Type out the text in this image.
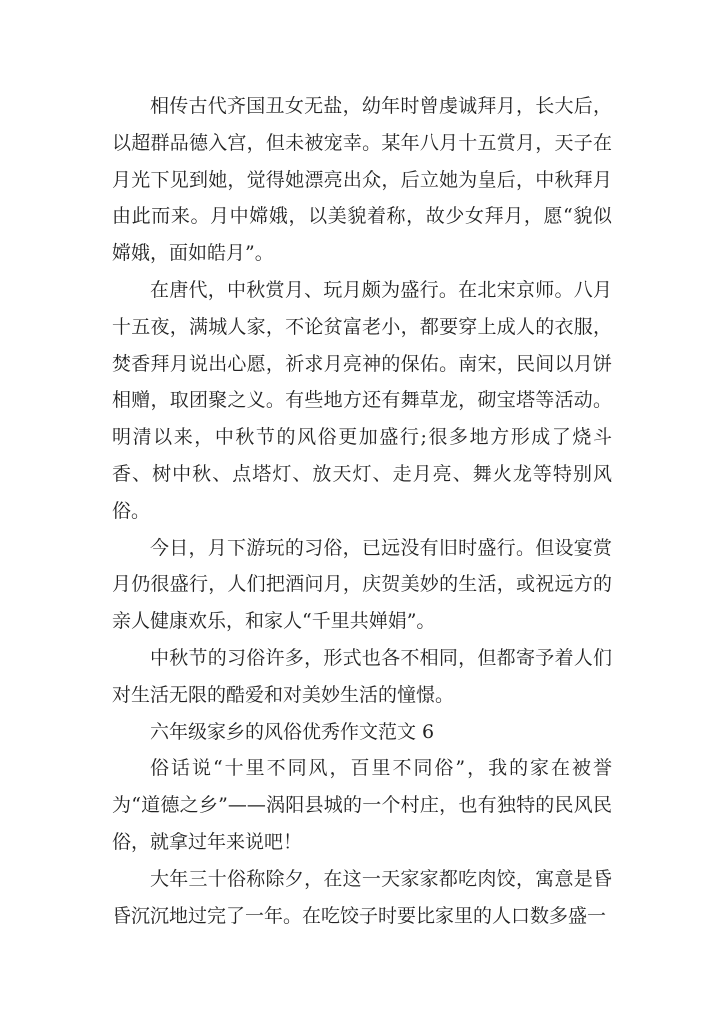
相传古代齐国丑女无盐，幼年时曾虔诚拜月，长大后，以超群品德入宫，但未被宠幸。某年八月十五赏月，天子在月光下见到她，觉得她漂亮出众，后立她为皇后，中秋拜月由此而来。月中嫦娥，以美貌着称，故少女拜月，愿“貌似嫦娥，面如皓月”。

在唐代，中秋赏月、玩月颇为盛行。在北宋京师。八月十五夜，满城人家，不论贫富老小，都要穿上成人的衣服，焚香拜月说出心愿，祈求月亮神的保佑。南宋，民间以月饼相赠，取团聚之义。有些地方还有舞草龙，砌宝塔等活动。明清以来，中秋节的风俗更加盛行;很多地方形成了烧斗香、树中秋、点塔灯、放天灯、走月亮、舞火龙等特别风俗。

今日，月下游玩的习俗，已远没有旧时盛行。但设宴赏月仍很盛行，人们把酒问月，庆贺美妙的生活，或祝远方的亲人健康欢乐，和家人“千里共婵娟”。

中秋节的习俗许多，形式也各不相同，但都寄予着人们对生活无限的酷爱和对美妙生活的憧憬。

六年级家乡的风俗优秀作文范文 6

俗话说“十里不同风，百里不同俗”，我的家在被誉为“道德之乡”——涡阳县城的一个村庄，也有独特的民风民俗，就拿过年来说吧！

大年三十俗称除夕，在这一天家家都吃肉饺，寓意是昏昏沉沉地过完了一年。在吃饺子时要比家里的人口数多盛一
